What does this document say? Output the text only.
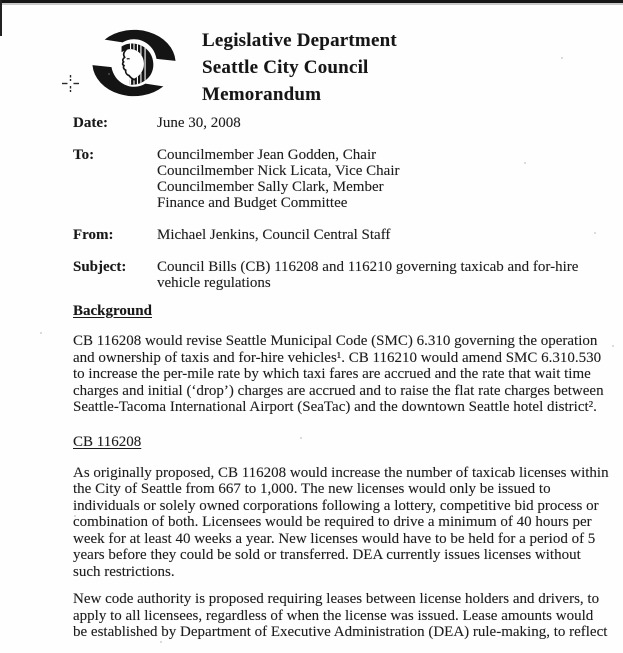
Legislative Department
Seattle City Council
Memorandum
Date:	June 30, 2008
To:	Councilmember Jean Godden, Chair
Councilmember Nick Licata, Vice Chair
Councilmember Sally Clark, Member
Finance and Budget Committee
From:	Michael Jenkins, Council Central Staff
Subject:	Council Bills (CB) 116208 and 116210 governing taxicab and for-hire
vehicle regulations
Background
CB 116208 would revise Seattle Municipal Code (SMC) 6.310 governing the operation
and ownership of taxis and for-hire vehicles¹. CB 116210 would amend SMC 6.310.530
to increase the per-mile rate by which taxi fares are accrued and the rate that wait time
charges and initial (‘drop’) charges are accrued and to raise the flat rate charges between
Seattle-Tacoma International Airport (SeaTac) and the downtown Seattle hotel district².
CB 116208
As originally proposed, CB 116208 would increase the number of taxicab licenses within
the City of Seattle from 667 to 1,000. The new licenses would only be issued to
individuals or solely owned corporations following a lottery, competitive bid process or
combination of both. Licensees would be required to drive a minimum of 40 hours per
week for at least 40 weeks a year. New licenses would have to be held for a period of 5
years before they could be sold or transferred. DEA currently issues licenses without
such restrictions.
New code authority is proposed requiring leases between license holders and drivers, to
apply to all licensees, regardless of when the license was issued. Lease amounts would
be established by Department of Executive Administration (DEA) rule-making, to reflect
